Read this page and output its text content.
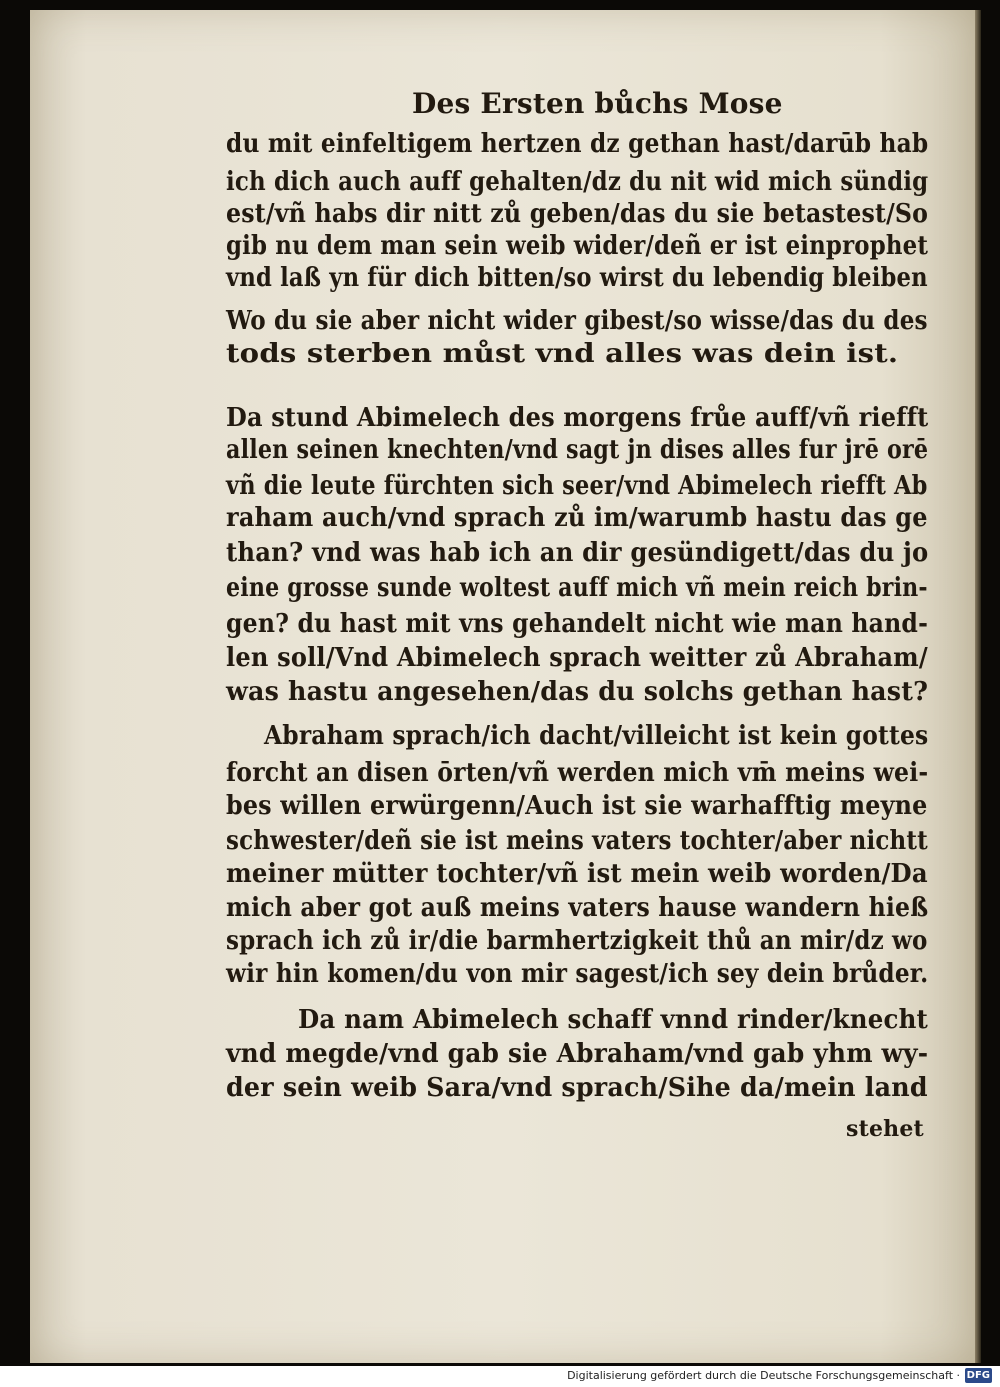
Des Ersten bůchs Mose
du mit einfeltigem hertzen dz gethan hast/darūb hab
ich dich auch auff gehalten/dz du nit wid mich sündig
est/vñ habs dir nitt zů geben/das du sie betastest/So
gib nu dem man sein weib wider/deñ er ist einprophet
vnd laß yn für dich bitten/so wirst du lebendig bleiben
Wo du sie aber nicht wider gibest/so wisse/das du des
tods sterben můst vnd alles was dein ist.
Da stund Abimelech des morgens frůe auff/vñ riefft
allen seinen knechten/vnd sagt jn dises alles fur jrē orē
vñ die leute fürchten sich seer/vnd Abimelech riefft Ab
raham auch/vnd sprach zů im/warumb hastu das ge
than? vnd was hab ich an dir gesündigett/das du jo
eine grosse sunde woltest auff mich vñ mein reich brin-
gen? du hast mit vns gehandelt nicht wie man hand-
len soll/Vnd Abimelech sprach weitter zů Abraham/
was hastu angesehen/das du solchs gethan hast?
Abraham sprach/ich dacht/villeicht ist kein gottes
forcht an disen ōrten/vñ werden mich vm̄ meins wei-
bes willen erwürgenn/Auch ist sie warhafftig meyne
schwester/deñ sie ist meins vaters tochter/aber nichtt
meiner mütter tochter/vñ ist mein weib worden/Da
mich aber got auß meins vaters hause wandern hieß
sprach ich zů ir/die barmhertzigkeit thů an mir/dz wo
wir hin komen/du von mir sagest/ich sey dein brůder.
Da nam Abimelech schaff vnnd rinder/knecht
vnd megde/vnd gab sie Abraham/vnd gab yhm wy-
der sein weib Sara/vnd sprach/Sihe da/mein land
stehet
Digitalisierung gefördert durch die Deutsche Forschungsgemeinschaft · DFG
